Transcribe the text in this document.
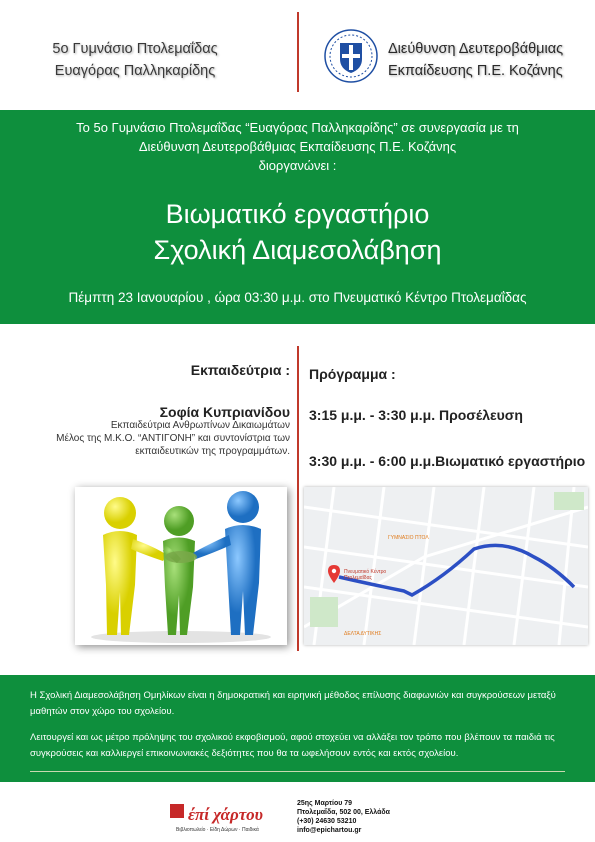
5ο Γυμνάσιο Πτολεμαΐδας
Ευαγόρας Παλληκαρίδης
Διεύθυνση Δευτεροβάθμιας
Εκπαίδευσης Π.Ε. Κοζάνης
Το 5ο Γυμνάσιο Πτολεμαΐδας “Ευαγόρας Παλληκαρίδης” σε συνεργασία με τη
Διεύθυνση Δευτεροβάθμιας Εκπαίδευσης Π.Ε. Κοζάνης
διοργανώνει :
Βιωματικό εργαστήριο
Σχολική Διαμεσολάβηση
Πέμπτη 23 Ιανουαρίου , ώρα 03:30 μ.μ. στο Πνευματικό Κέντρο Πτολεμαΐδας
Εκπαιδεύτρια :
Σοφία Κυπριανίδου
Εκπαιδεύτρια Ανθρωπίνων Δικαιωμάτων
Μέλος της Μ.Κ.Ο. “ΑΝΤΙΓΟΝΗ” και συντονίστρια των
εκπαιδευτικών της προγραμμάτων.
Πρόγραμμα :
3:15 μ.μ. - 3:30 μ.μ. Προσέλευση
3:30 μ.μ. - 6:00 μ.μ.Βιωματικό εργαστήριο
Πνευματικό Κέντρο Πτολεμαΐδας
ΓΥΜΝΑΣΙΟ ΠΤΟΛ
ΔΕΛΤΑ ΔΥΤΙΚΗΣ
Η Σχολική Διαμεσολάβηση Ομηλίκων είναι η δημοκρατική και ειρηνική μέθοδος επίλυσης διαφωνιών και συγκρούσεων μεταξύ μαθητών στον χώρο του σχολείου.
Λειτουργεί και ως μέτρο πρόληψης του σχολικού εκφοβισμού, αφού στοχεύει να αλλάξει τον τρόπο που βλέπουν τα παιδιά τις συγκρούσεις και καλλιεργεί επικοινωνιακές δεξιότητες που θα τα ωφελήσουν εντός και εκτός σχολείου.
έπί χάρτου
Βιβλιοπωλείο · Είδη Δώρων · Παιδικά
25ης Μαρτίου 79
Πτολεμαΐδα, 502 00, Ελλάδα
(+30) 24630 53210
info@epichartou.gr
